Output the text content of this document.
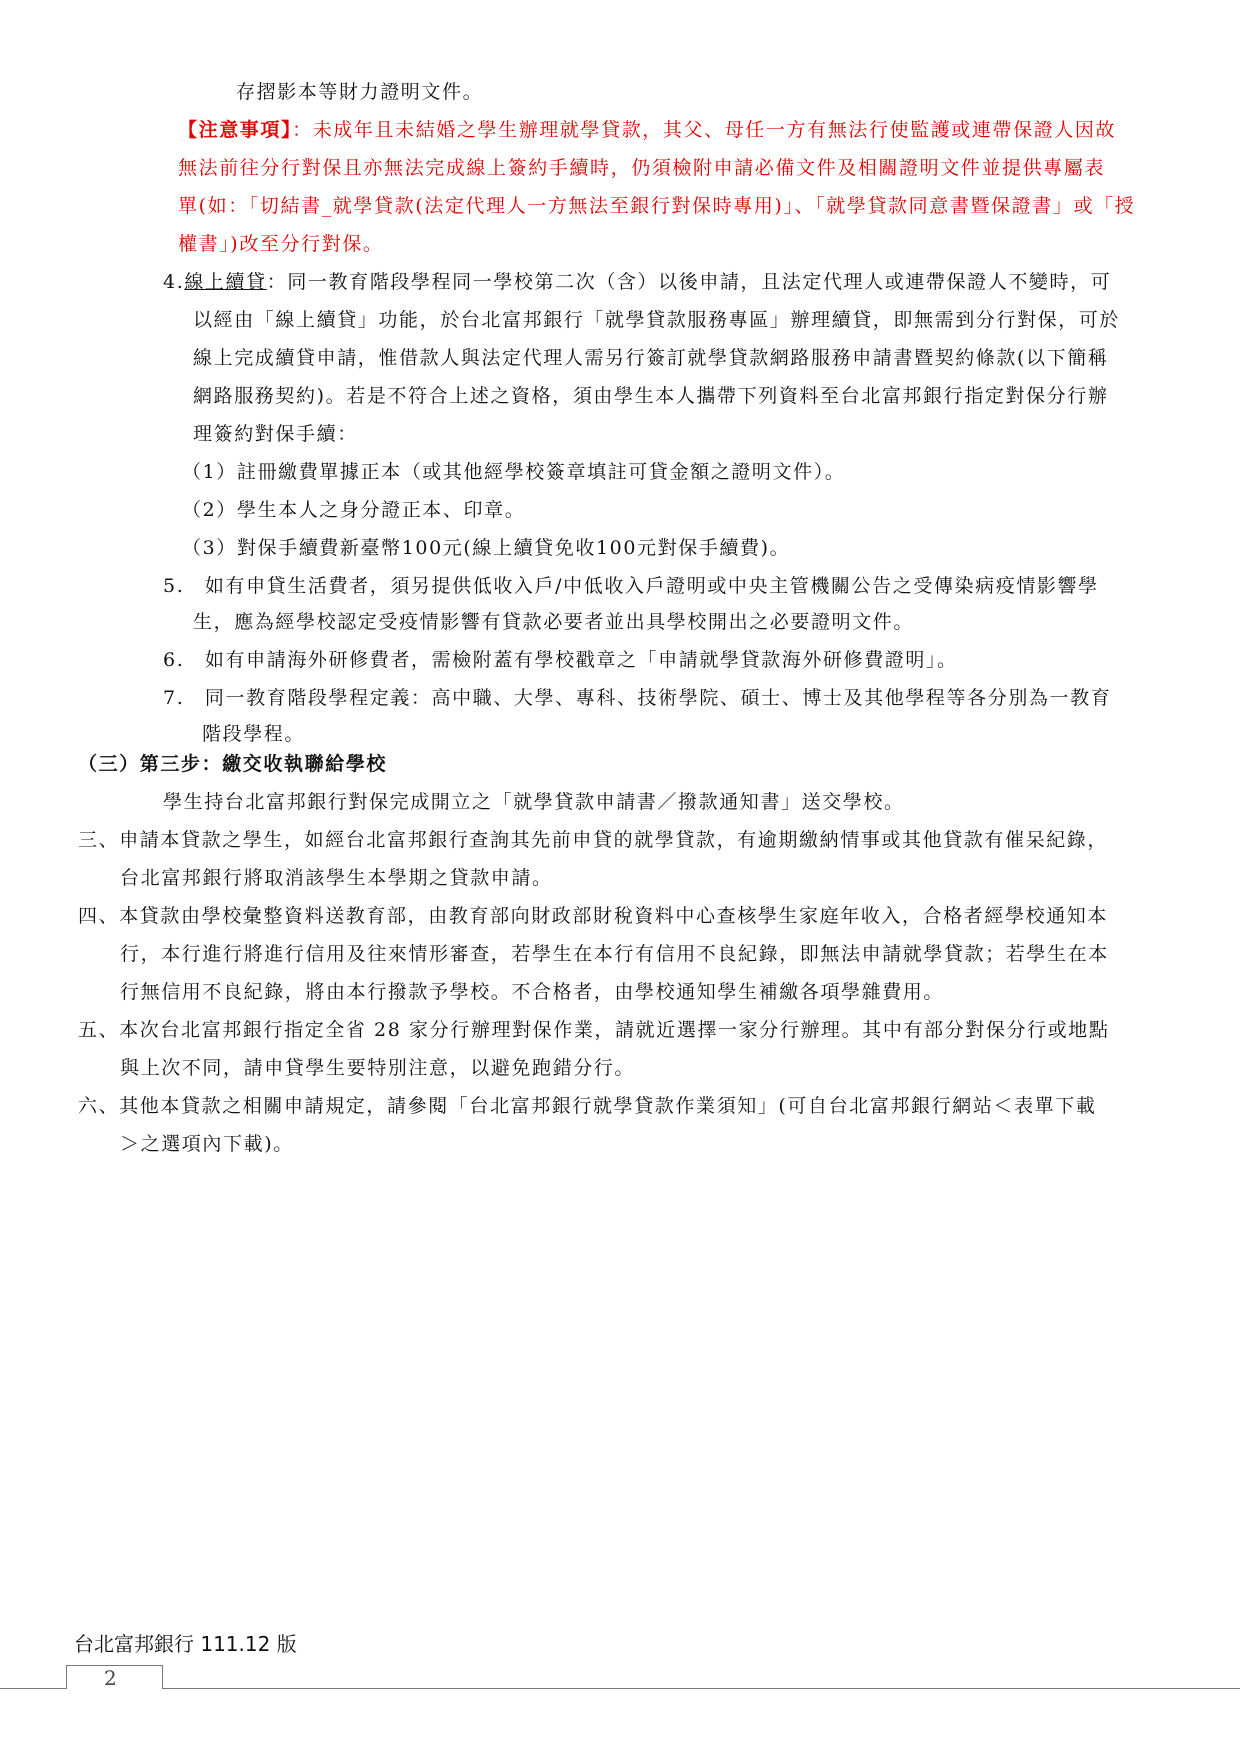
存摺影本等財力證明文件。
【注意事項】：未成年且未結婚之學生辦理就學貸款，其父、母任一方有無法行使監護或連帶保證人因故
無法前往分行對保且亦無法完成線上簽約手續時，仍須檢附申請必備文件及相關證明文件並提供專屬表
單(如：「切結書_就學貸款(法定代理人一方無法至銀行對保時專用)」、「就學貸款同意書暨保證書」或「授
權書」)改至分行對保。
4.線上續貸：同一教育階段學程同一學校第二次（含）以後申請，且法定代理人或連帶保證人不變時，可
以經由「線上續貸」功能，於台北富邦銀行「就學貸款服務專區」辦理續貸，即無需到分行對保，可於
線上完成續貸申請，惟借款人與法定代理人需另行簽訂就學貸款網路服務申請書暨契約條款(以下簡稱
網路服務契約)。若是不符合上述之資格，須由學生本人攜帶下列資料至台北富邦銀行指定對保分行辦
理簽約對保手續：
（1）註冊繳費單據正本（或其他經學校簽章填註可貸金額之證明文件）。
（2）學生本人之身分證正本、印章。
（3）對保手續費新臺幣100元(線上續貸免收100元對保手續費)。
5.　如有申貸生活費者，須另提供低收入戶/中低收入戶證明或中央主管機關公告之受傳染病疫情影響學
生，應為經學校認定受疫情影響有貸款必要者並出具學校開出之必要證明文件。
6.　如有申請海外研修費者，需檢附蓋有學校戳章之「申請就學貸款海外研修費證明」。
7.　同一教育階段學程定義：高中職、大學、專科、技術學院、碩士、博士及其他學程等各分別為一教育
階段學程。
（三）第三步：繳交收執聯給學校
學生持台北富邦銀行對保完成開立之「就學貸款申請書／撥款通知書」送交學校。
三、申請本貸款之學生，如經台北富邦銀行查詢其先前申貸的就學貸款，有逾期繳納情事或其他貸款有催呆紀錄，
台北富邦銀行將取消該學生本學期之貸款申請。
四、本貸款由學校彙整資料送教育部，由教育部向財政部財稅資料中心查核學生家庭年收入，合格者經學校通知本
行，本行進行將進行信用及往來情形審查，若學生在本行有信用不良紀錄，即無法申請就學貸款；若學生在本
行無信用不良紀錄，將由本行撥款予學校。不合格者，由學校通知學生補繳各項學雜費用。
五、本次台北富邦銀行指定全省 28 家分行辦理對保作業，請就近選擇一家分行辦理。其中有部分對保分行或地點
與上次不同，請申貸學生要特別注意，以避免跑錯分行。
六、其他本貸款之相關申請規定，請參閱「台北富邦銀行就學貸款作業須知」(可自台北富邦銀行網站＜表單下載
＞之選項內下載)。
台北富邦銀行 111.12 版
2
